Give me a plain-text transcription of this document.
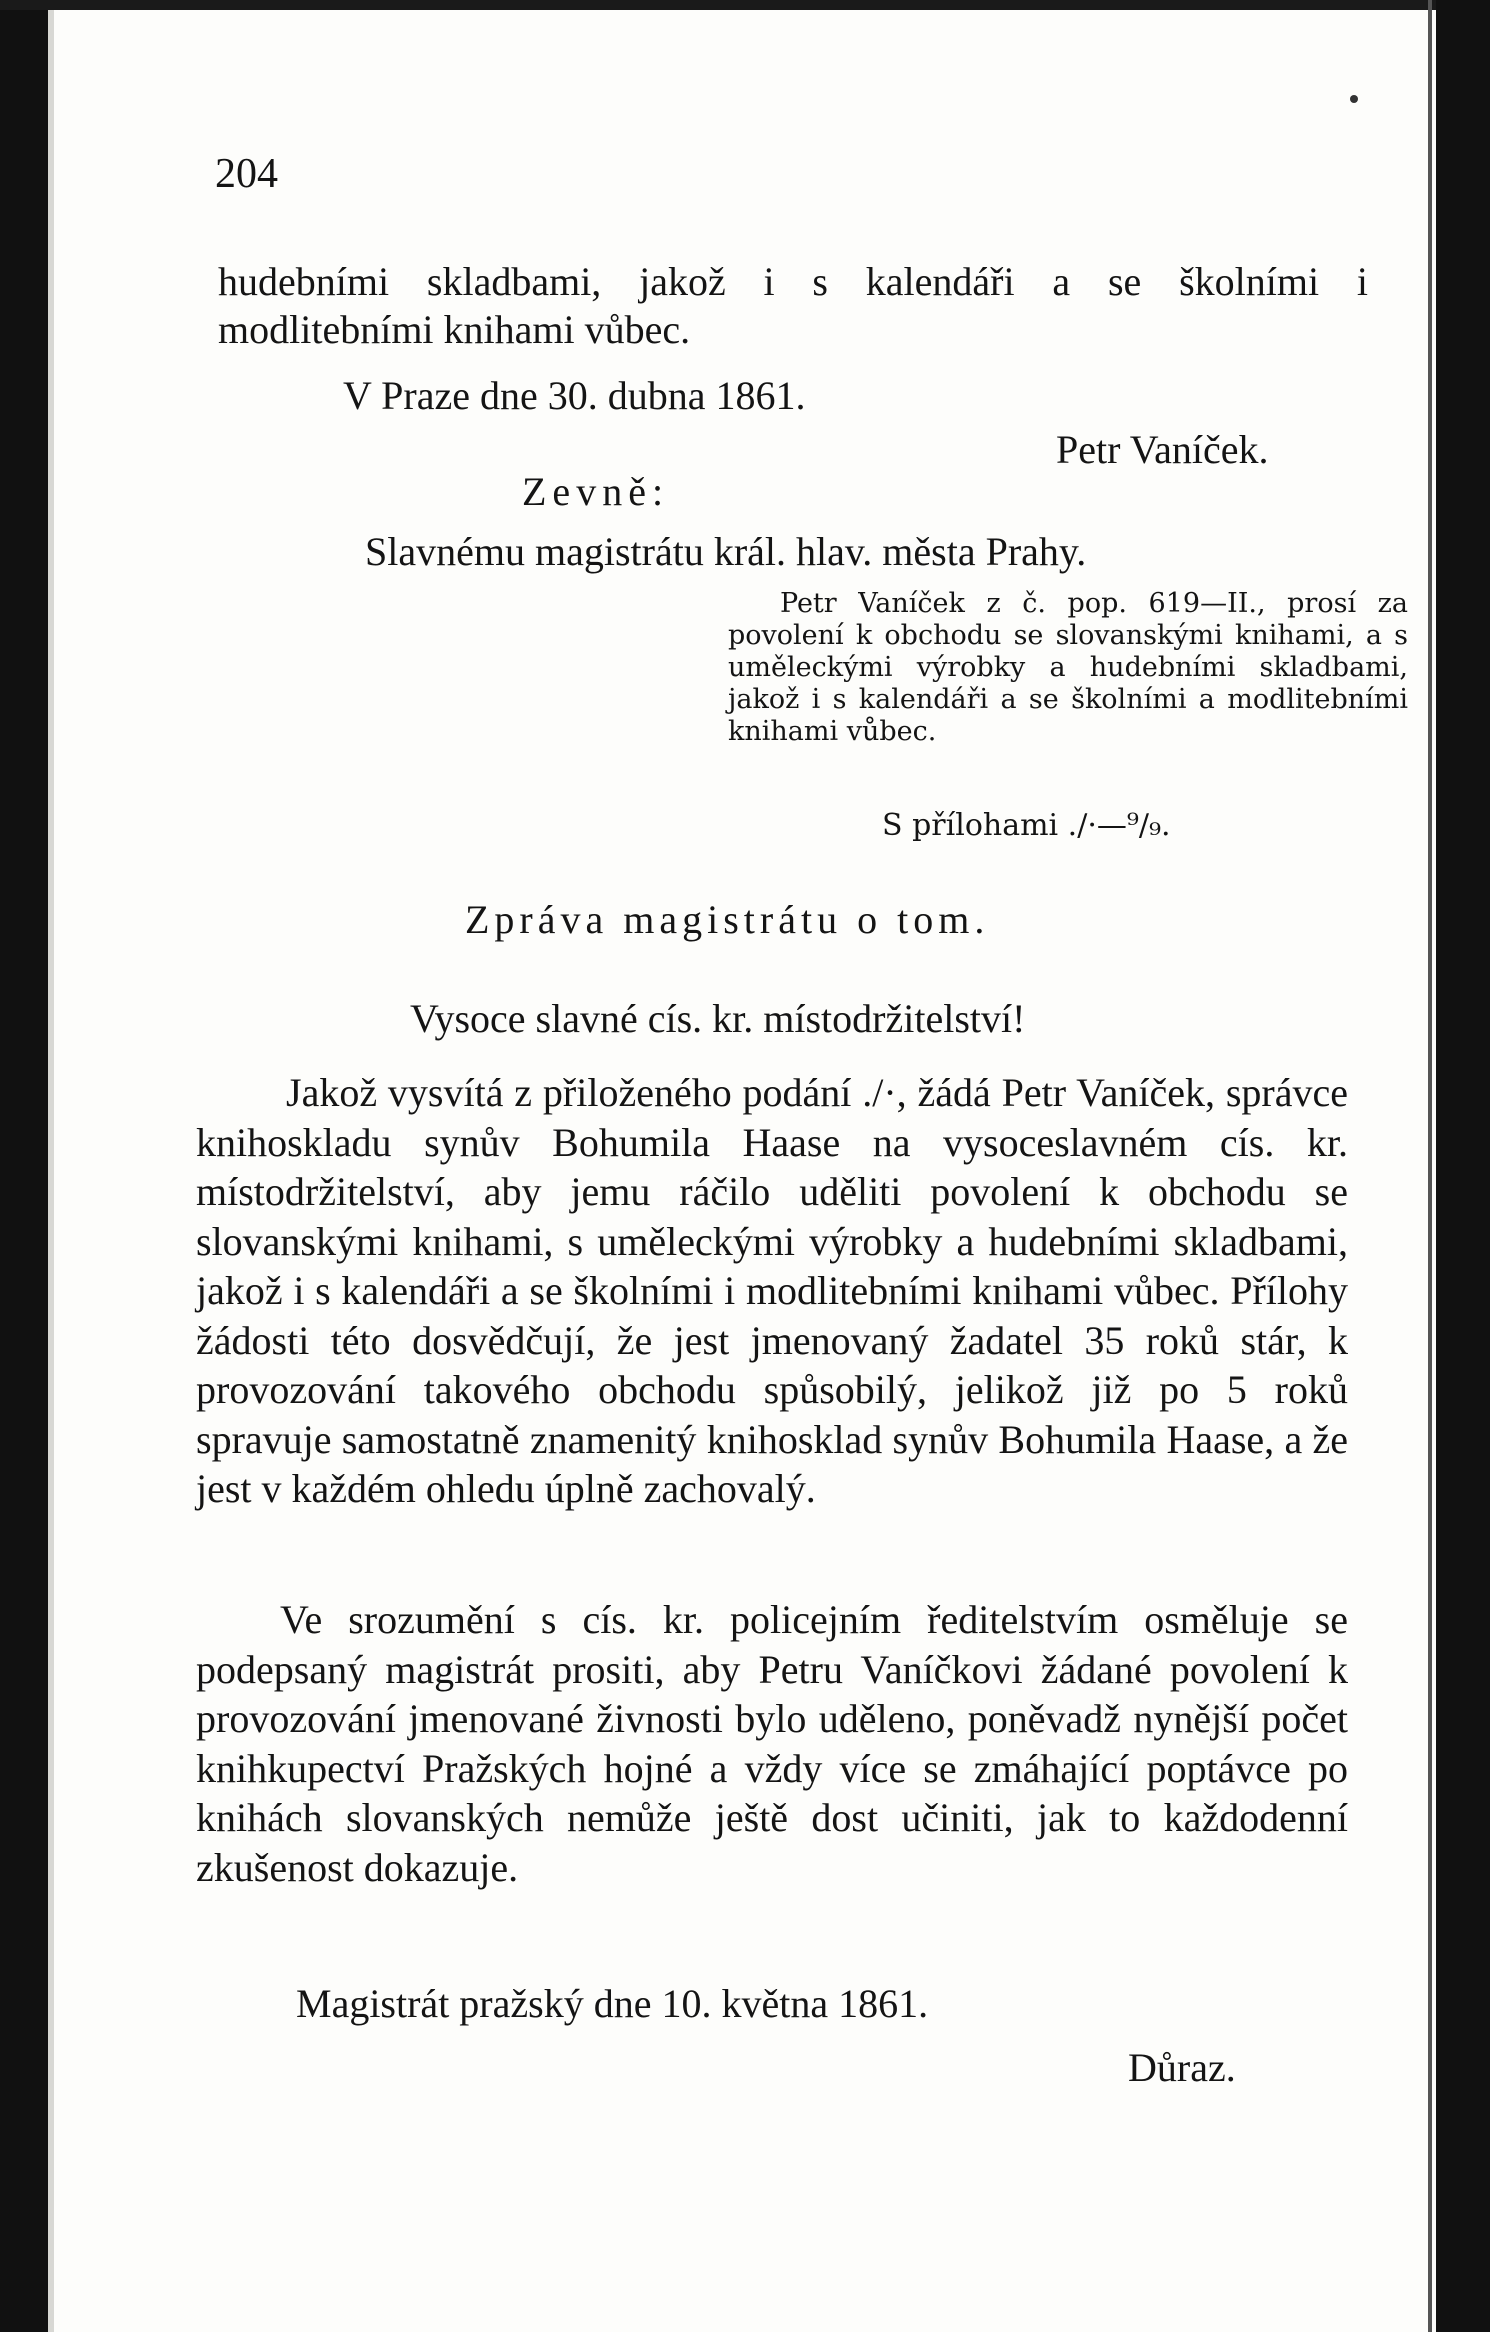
204
hudebními skladbami, jakož i s kalendáři a se školními i
modlitebními knihami vůbec.
V Praze dne 30. dubna 1861.
Petr Vaníček.
Zevně:
Slavnému magistrátu král. hlav. města Prahy.
Petr Vaníček z č. pop. 619—II., prosí za povolení k obchodu se slovanskými knihami, a s uměleckými výrobky a hudebními skladbami, jakož i s kalendáři a se školními a modlitebními knihami vůbec.
S přílohami ./·—⁹/₉.
Zpráva magistrátu o tom.
Vysoce slavné cís. kr. místodržitelství!
Jakož vysvítá z přiloženého podání ./·, žádá Petr Vaníček, správce knihoskladu synův Bohumila Haase na vysoceslavném cís. kr. místodržitelství, aby jemu ráčilo uděliti povolení k obchodu se slovanskými knihami, s uměleckými výrobky a hudebními skladbami, jakož i s kalendáři a se školními i modlitebními knihami vůbec. Přílohy žádosti této dosvědčují, že jest jmenovaný žadatel 35 roků stár, k provozování takového obchodu spůsobilý, jelikož již po 5 roků spravuje samostatně znamenitý knihosklad synův Bohumila Haase, a že jest v každém ohledu úplně zachovalý.
Ve srozumění s cís. kr. policejním ředitelstvím osměluje se podepsaný magistrát prositi, aby Petru Vaníčkovi žádané povolení k provozování jmenované živnosti bylo uděleno, poněvadž nynější počet knihkupectví Pražských hojné a vždy více se zmáhající poptávce po knihách slovanských nemůže ještě dost učiniti, jak to každodenní zkušenost dokazuje.
Magistrát pražský dne 10. května 1861.
Důraz.
